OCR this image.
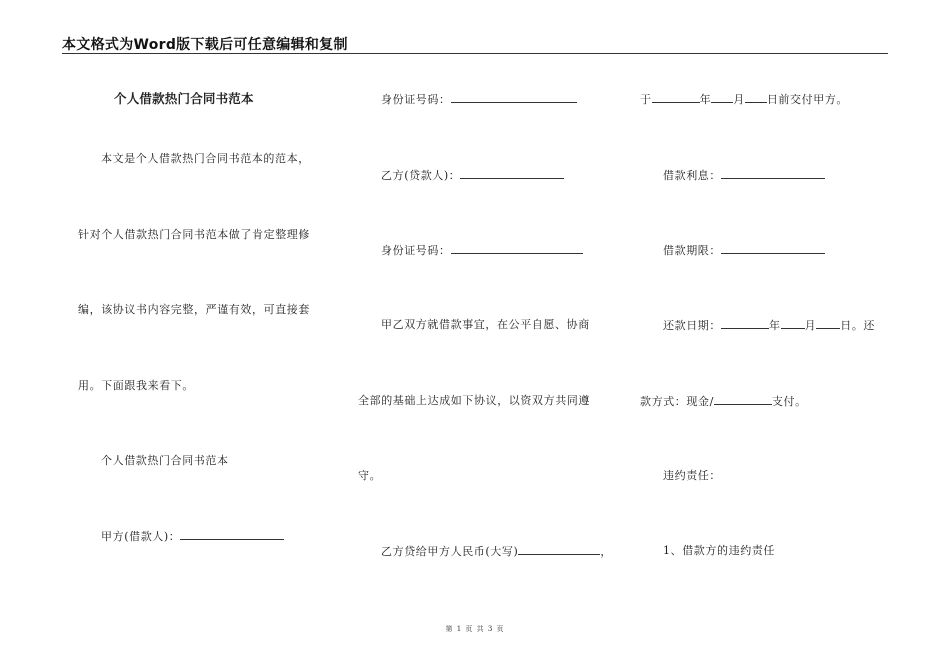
本文格式为Word版下载后可任意编辑和复制
个人借款热门合同书范本
本文是个人借款热门合同书范本的范本，
针对个人借款热门合同书范本做了肯定整理修
编，该协议书内容完整，严谨有效，可直接套
用。下面跟我来看下。
个人借款热门合同书范本
甲方(借款人)：
身份证号码：
乙方(贷款人)：
身份证号码：
甲乙双方就借款事宜，在公平自愿、协商
全部的基础上达成如下协议，以资双方共同遵
守。
乙方贷给甲方人民币(大写)	，
于	年 月 日前交付甲方。
借款利息：
借款期限：
还款日期：	年 月 日。还
款方式：现金/	支付。
违约责任：
1、借款方的违约责任
第 1 页 共 3 页
